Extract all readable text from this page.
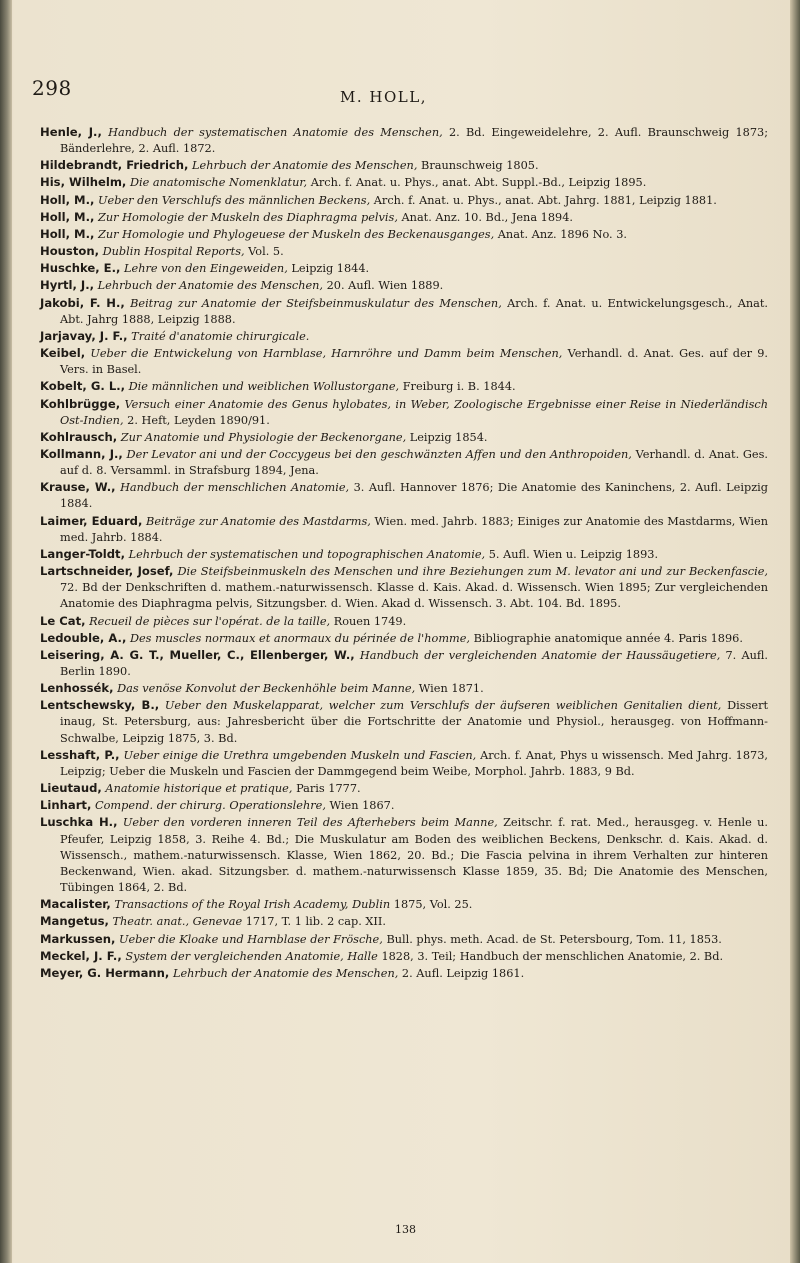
298	M. HOLL,
Henle, J., Handbuch der systematischen Anatomie des Menschen, 2. Bd. Eingeweidelehre, 2. Aufl. Braunschweig 1873; Bänderlehre, 2. Aufl. 1872.
Hildebrandt, Friedrich, Lehrbuch der Anatomie des Menschen, Braunschweig 1805.
His, Wilhelm, Die anatomische Nomenklatur, Arch. f. Anat. u. Phys., anat. Abt. Suppl.-Bd., Leipzig 1895.
Holl, M., Ueber den Verschlufs des männlichen Beckens, Arch. f. Anat. u. Phys., anat. Abt. Jahrg. 1881, Leipzig 1881.
Holl, M., Zur Homologie der Muskeln des Diaphragma pelvis, Anat. Anz. 10. Bd., Jena 1894.
Holl, M., Zur Homologie und Phylogeuese der Muskeln des Beckenausganges, Anat. Anz. 1896 No. 3.
Houston, Dublin Hospital Reports, Vol. 5.
Huschke, E., Lehre von den Eingeweiden, Leipzig 1844.
Hyrtl, J., Lehrbuch der Anatomie des Menschen, 20. Aufl. Wien 1889.
Jakobi, F. H., Beitrag zur Anatomie der Steifsbeinmuskulatur des Menschen, Arch. f. Anat. u. Entwickelungsgesch., Anat. Abt. Jahrg 1888, Leipzig 1888.
Jarjavay, J. F., Traité d'anatomie chirurgicale.
Keibel, Ueber die Entwickelung von Harnblase, Harnröhre und Damm beim Menschen, Verhandl. d. Anat. Ges. auf der 9. Vers. in Basel.
Kobelt, G. L., Die männlichen und weiblichen Wollustorgane, Freiburg i. B. 1844.
Kohlbrügge, Versuch einer Anatomie des Genus hylobates, in Weber, Zoologische Ergebnisse einer Reise in Niederländisch Ost-Indien, 2. Heft, Leyden 1890/91.
Kohlrausch, Zur Anatomie und Physiologie der Beckenorgane, Leipzig 1854.
Kollmann, J., Der Levator ani und der Coccygeus bei den geschwänzten Affen und den Anthropoiden, Verhandl. d. Anat. Ges. auf d. 8. Versamml. in Strafsburg 1894, Jena.
Krause, W., Handbuch der menschlichen Anatomie, 3. Aufl. Hannover 1876; Die Anatomie des Kaninchens, 2. Aufl. Leipzig 1884.
Laimer, Eduard, Beiträge zur Anatomie des Mastdarms, Wien. med. Jahrb. 1883; Einiges zur Anatomie des Mastdarms, Wien med. Jahrb. 1884.
Langer-Toldt, Lehrbuch der systematischen und topographischen Anatomie, 5. Aufl. Wien u. Leipzig 1893.
Lartschneider, Josef, Die Steifsbeinmuskeln des Menschen und ihre Beziehungen zum M. levator ani und zur Beckenfascie, 72. Bd der Denkschriften d. mathem.-naturwissensch. Klasse d. Kais. Akad. d. Wissensch. Wien 1895; Zur vergleichenden Anatomie des Diaphragma pelvis, Sitzungsber. d. Wien. Akad d. Wissensch. 3. Abt. 104. Bd. 1895.
Le Cat, Recueil de pièces sur l'opérat. de la taille, Rouen 1749.
Ledouble, A., Des muscles normaux et anormaux du périnée de l'homme, Bibliographie anatomique année 4. Paris 1896.
Leisering, A. G. T., Mueller, C., Ellenberger, W., Handbuch der vergleichenden Anatomie der Haussäugetiere, 7. Aufl. Berlin 1890.
Lenhossék, Das venöse Konvolut der Beckenhöhle beim Manne, Wien 1871.
Lentschewsky, B., Ueber den Muskelapparat, welcher zum Verschlufs der äufseren weiblichen Genitalien dient, Dissert inaug, St. Petersburg, aus: Jahresbericht über die Fortschritte der Anatomie und Physiol., herausgeg. von Hoffmann-Schwalbe, Leipzig 1875, 3. Bd.
Lesshaft, P., Ueber einige die Urethra umgebenden Muskeln und Fascien, Arch. f. Anat, Phys u wissensch. Med Jahrg. 1873, Leipzig; Ueber die Muskeln und Fascien der Dammgegend beim Weibe, Morphol. Jahrb. 1883, 9 Bd.
Lieutaud, Anatomie historique et pratique, Paris 1777.
Linhart, Compend. der chirurg. Operationslehre, Wien 1867.
Luschka H., Ueber den vorderen inneren Teil des Afterhebers beim Manne, Zeitschr. f. rat. Med., herausgeg. v. Henle u. Pfeufer, Leipzig 1858, 3. Reihe 4. Bd.; Die Muskulatur am Boden des weiblichen Beckens, Denkschr. d. Kais. Akad. d. Wissensch., mathem.-naturwissensch. Klasse, Wien 1862, 20. Bd.; Die Fascia pelvina in ihrem Verhalten zur hinteren Beckenwand, Wien. akad. Sitzungsber. d. mathem.-naturwissensch Klasse 1859, 35. Bd; Die Anatomie des Menschen, Tübingen 1864, 2. Bd.
Macalister, Transactions of the Royal Irish Academy, Dublin 1875, Vol. 25.
Mangetus, Theatr. anat., Genevae 1717, T. 1 lib. 2 cap. XII.
Markussen, Ueber die Kloake und Harnblase der Frösche, Bull. phys. meth. Acad. de St. Petersbourg, Tom. 11, 1853.
Meckel, J. F., System der vergleichenden Anatomie, Halle 1828, 3. Teil; Handbuch der menschlichen Anatomie, 2. Bd.
Meyer, G. Hermann, Lehrbuch der Anatomie des Menschen, 2. Aufl. Leipzig 1861.
138
